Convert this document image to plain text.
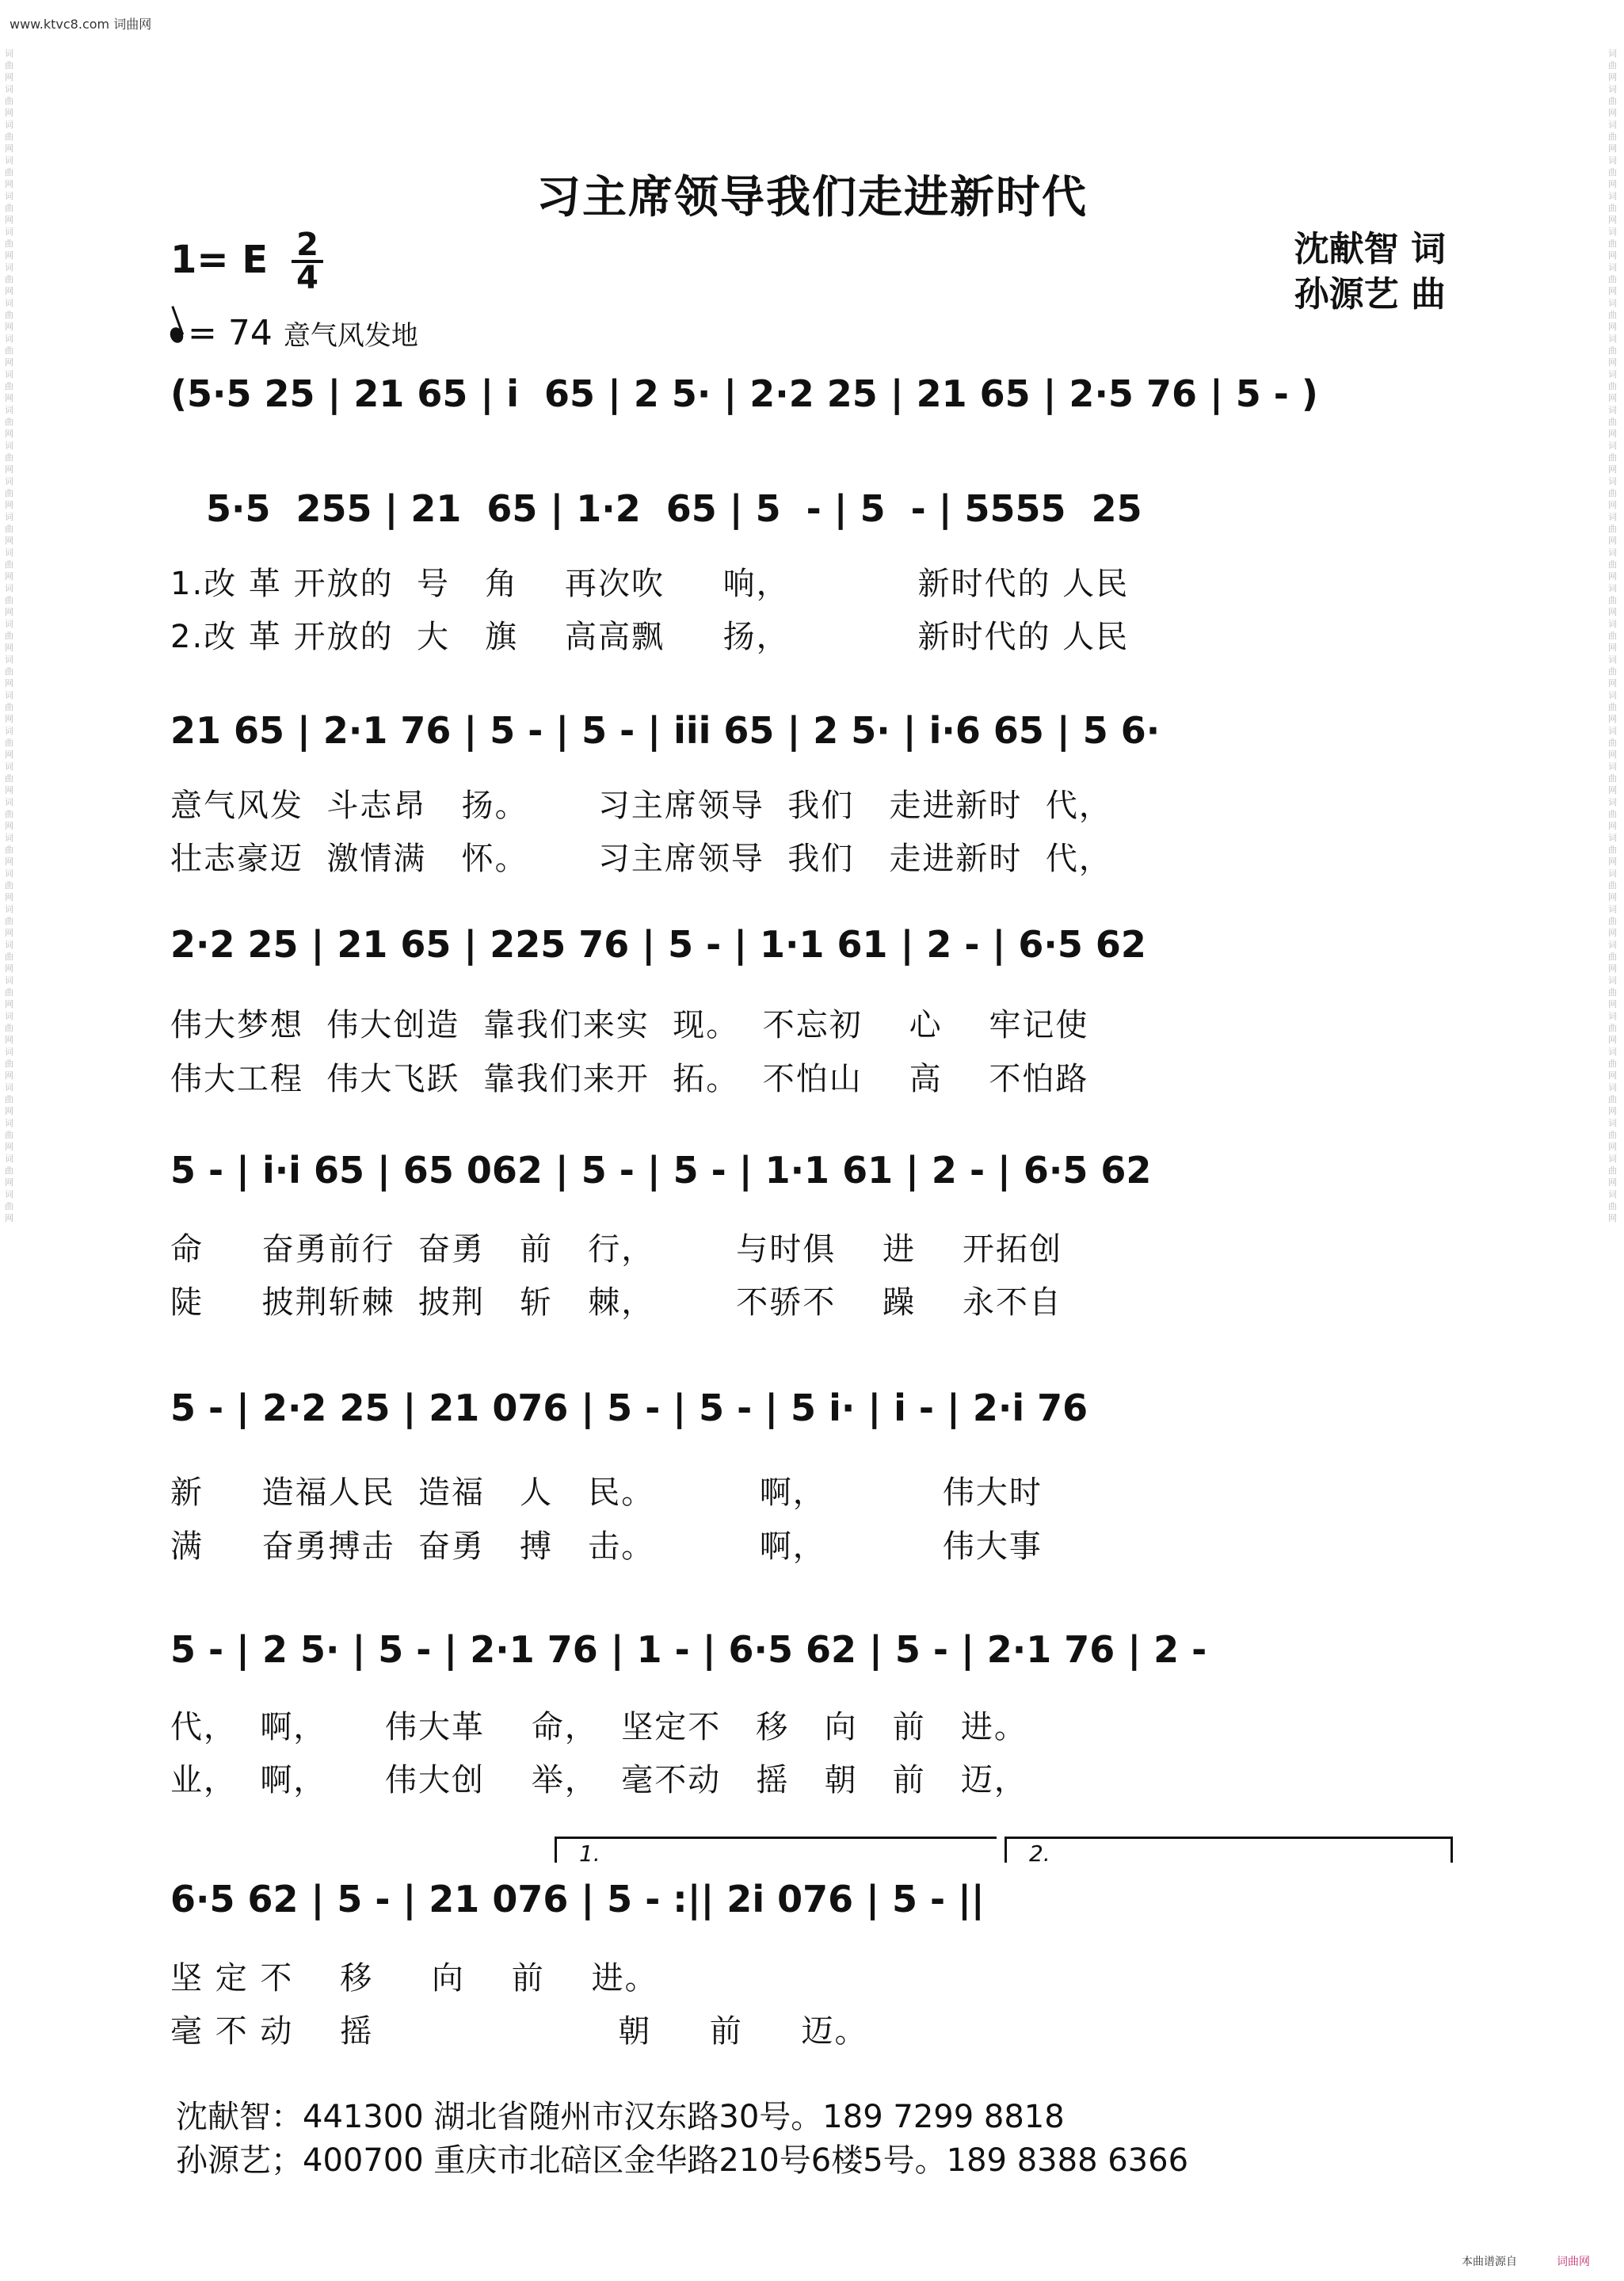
www.ktvc8.com 词曲网
词曲网词曲网词曲网词曲网词曲网词曲网词曲网词曲网词曲网词曲网词曲网词曲网词曲网词曲网词曲网词曲网词曲网词曲网词曲网词曲网词曲网词曲网词曲网词曲网词曲网词曲网词曲网词曲网词曲网词曲网词曲网词曲网词曲网
词曲网词曲网词曲网词曲网词曲网词曲网词曲网词曲网词曲网词曲网词曲网词曲网词曲网词曲网词曲网词曲网词曲网词曲网词曲网词曲网词曲网词曲网词曲网词曲网词曲网词曲网词曲网词曲网词曲网词曲网词曲网词曲网词曲网
习主席领导我们走进新时代
沈献智 词
孙源艺 曲
1= E $\frac{2}{4}$
= 74 意气风发地
(5·5 25 | 21 65 | i  65 | 2 5· | 2·2 25 | 21 65 | 2·5 76 | 5 - )
5·5  255 | 21  65 | 1·2  65 | 5  - | 5  - | 5555  25
1.改 革 开放的  号   角    再次吹     响，           新时代的 人民
2.改 革 开放的  大   旗    高高飘     扬，           新时代的 人民
21 65 | 2·1 76 | 5 - | 5 - | iii 65 | 2 5· | i·6 65 | 5 6·
意气风发  斗志昂   扬。      习主席领导  我们   走进新时  代，
壮志豪迈  激情满   怀。      习主席领导  我们   走进新时  代，
2·2 25 | 21 65 | 225 76 | 5 - | 1·1 61 | 2 - | 6·5 62
伟大梦想  伟大创造  靠我们来实  现。  不忘初    心    牢记使
伟大工程  伟大飞跃  靠我们来开  拓。  不怕山    高    不怕路
5 - | i·i 65 | 65 062 | 5 - | 5 - | 1·1 61 | 2 - | 6·5 62
命     奋勇前行  奋勇   前   行，       与时俱    进    开拓创
陡     披荆斩棘  披荆   斩   棘，       不骄不    躁    永不自
5 - | 2·2 25 | 21 076 | 5 - | 5 - | 5 i· | i - | 2·i 76
新     造福人民  造福   人   民。         啊，          伟大时
满     奋勇搏击  奋勇   搏   击。         啊，          伟大事
5 - | 2 5· | 5 - | 2·1 76 | 1 - | 6·5 62 | 5 - | 2·1 76 | 2 -
代，  啊，     伟大革    命，  坚定不   移   向   前   进。
业，  啊，     伟大创    举，  毫不动   摇   朝   前   迈，
1.	2.
6·5 62 | 5 - | 21 076 | 5 - :|| 2i 076 | 5 - ||
坚 定 不    移     向    前    进。
毫 不 动    摇                     朝     前     迈。
沈献智：441300 湖北省随州市汉东路30号。189 7299 8818
孙源艺；400700 重庆市北碚区金华路210号6楼5号。189 8388 6366
本曲谱源自	词曲网
